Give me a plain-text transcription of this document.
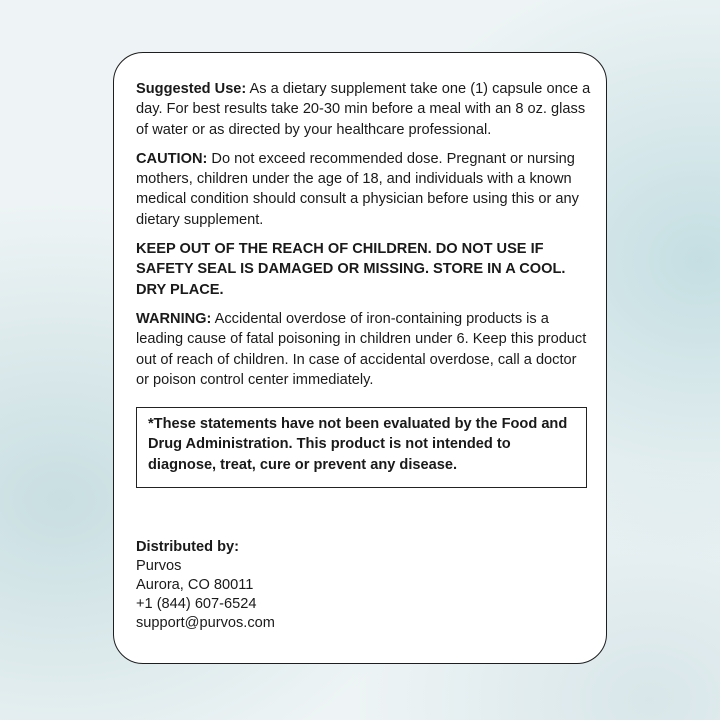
Suggested Use: As a dietary supplement take one (1) capsule once a day. For best results take 20-30 min before a meal with an 8 oz. glass of water or as directed by your healthcare professional.

CAUTION: Do not exceed recommended dose. Pregnant or nursing mothers, children under the age of 18, and individuals with a known medical condition should consult a physician before using this or any dietary supplement.

KEEP OUT OF THE REACH OF CHILDREN. DO NOT USE IF SAFETY SEAL IS DAMAGED OR MISSING. STORE IN A COOL. DRY PLACE.

WARNING: Accidental overdose of iron-containing products is a leading cause of fatal poisoning in children under 6. Keep this product out of reach of children. In case of accidental overdose, call a doctor or poison control center immediately.

*These statements have not been evaluated by the Food and Drug Administration. This product is not intended to diagnose, treat, cure or prevent any disease.
Distributed by:
Purvos
Aurora, CO 80011
+1 (844) 607-6524
support@purvos.com
